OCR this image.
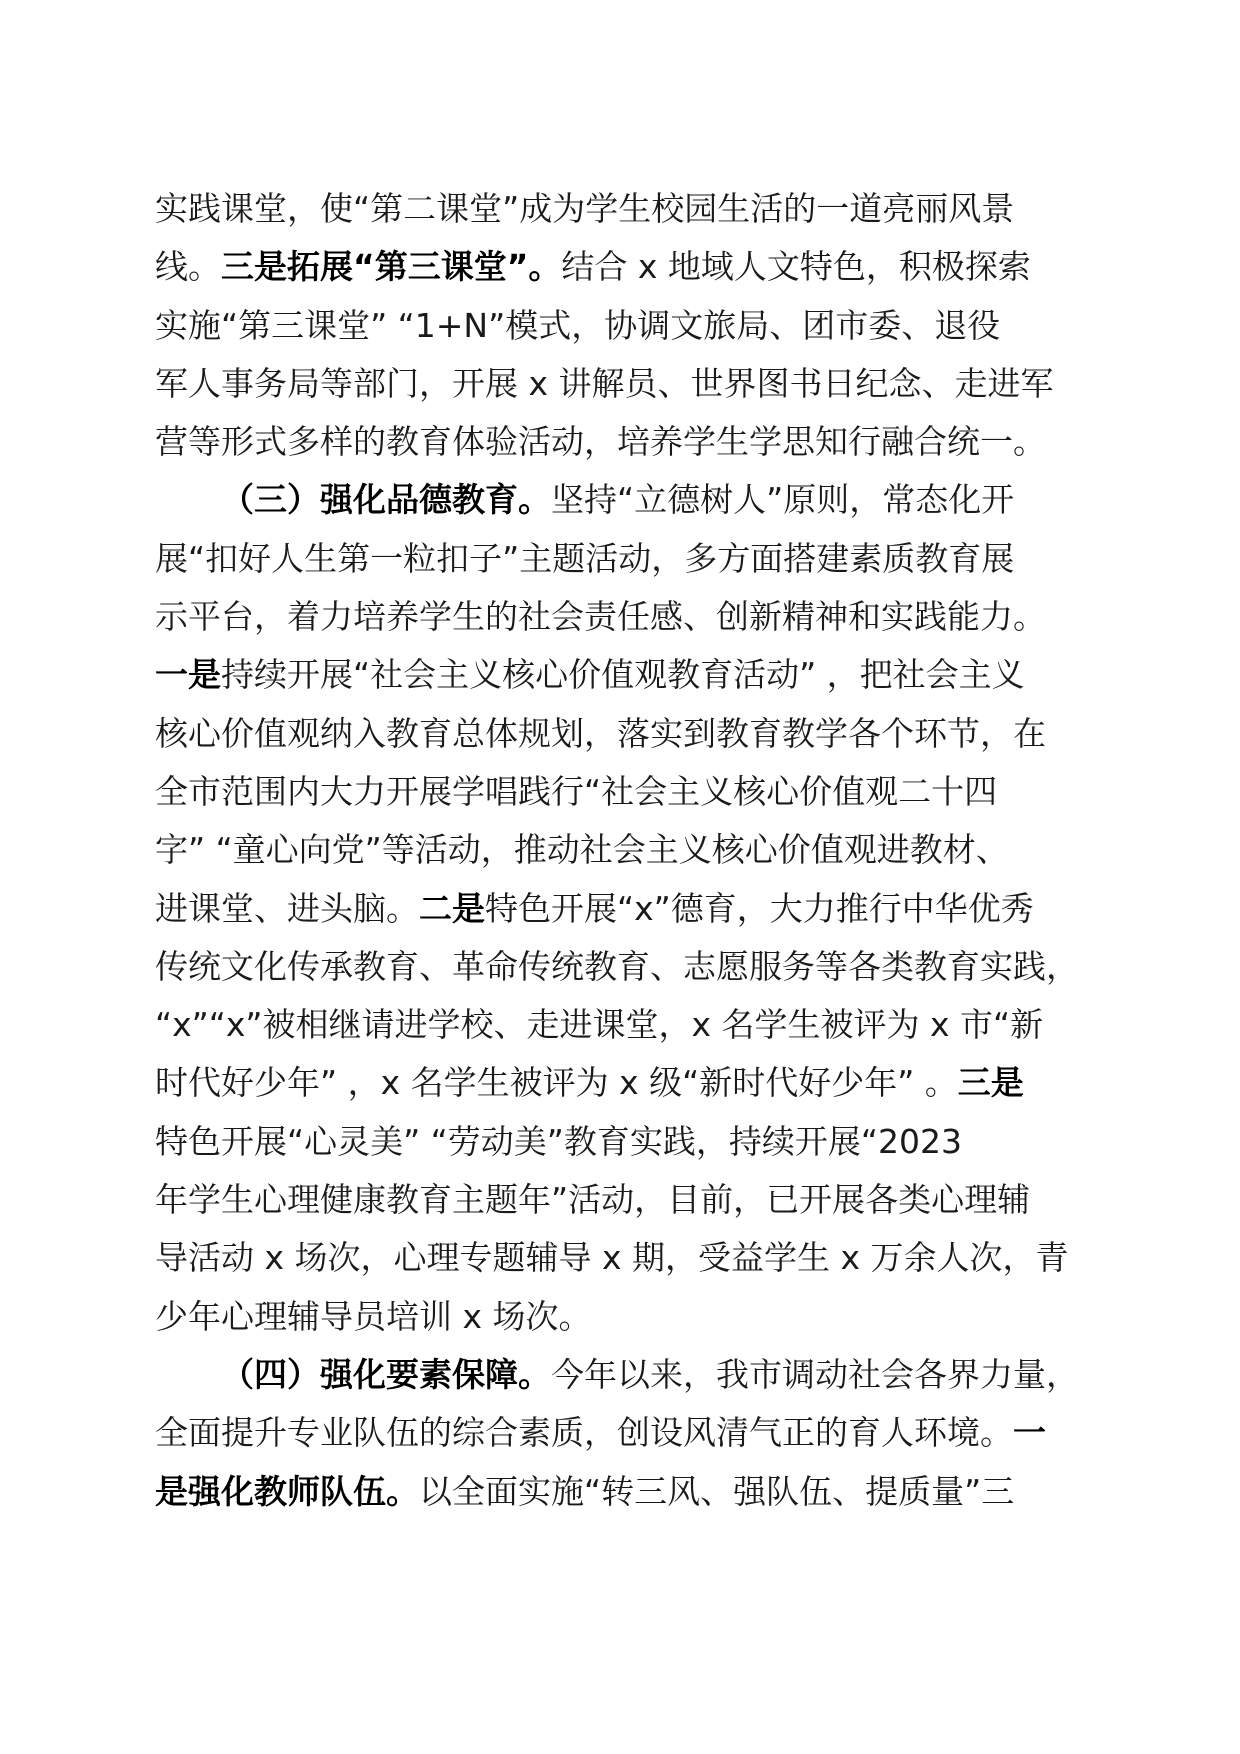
实践课堂，使“第二课堂”成为学生校园生活的一道亮丽风景
线。三是拓展“第三课堂”。结合 x 地域人文特色，积极探索
实施“第三课堂” “1+N”模式，协调文旅局、团市委、退役
军人事务局等部门，开展 x 讲解员、世界图书日纪念、走进军
营等形式多样的教育体验活动，培养学生学思知行融合统一。
（三）强化品德教育。坚持“立德树人”原则，常态化开
展“扣好人生第一粒扣子”主题活动，多方面搭建素质教育展
示平台，着力培养学生的社会责任感、创新精神和实践能力。
一是持续开展“社会主义核心价值观教育活动” ，把社会主义
核心价值观纳入教育总体规划，落实到教育教学各个环节，在
全市范围内大力开展学唱践行“社会主义核心价值观二十四
字” “童心向党”等活动，推动社会主义核心价值观进教材、
进课堂、进头脑。二是特色开展“x”德育，大力推行中华优秀
传统文化传承教育、革命传统教育、志愿服务等各类教育实践，
“x”“x”被相继请进学校、走进课堂，x 名学生被评为 x 市“新
时代好少年” ，x 名学生被评为 x 级“新时代好少年” 。三是
特色开展“心灵美” “劳动美”教育实践，持续开展“2023
年学生心理健康教育主题年”活动，目前，已开展各类心理辅
导活动 x 场次，心理专题辅导 x 期，受益学生 x 万余人次，青
少年心理辅导员培训 x 场次。
（四）强化要素保障。今年以来，我市调动社会各界力量，
全面提升专业队伍的综合素质，创设风清气正的育人环境。一
是强化教师队伍。以全面实施“转三风、强队伍、提质量”三
